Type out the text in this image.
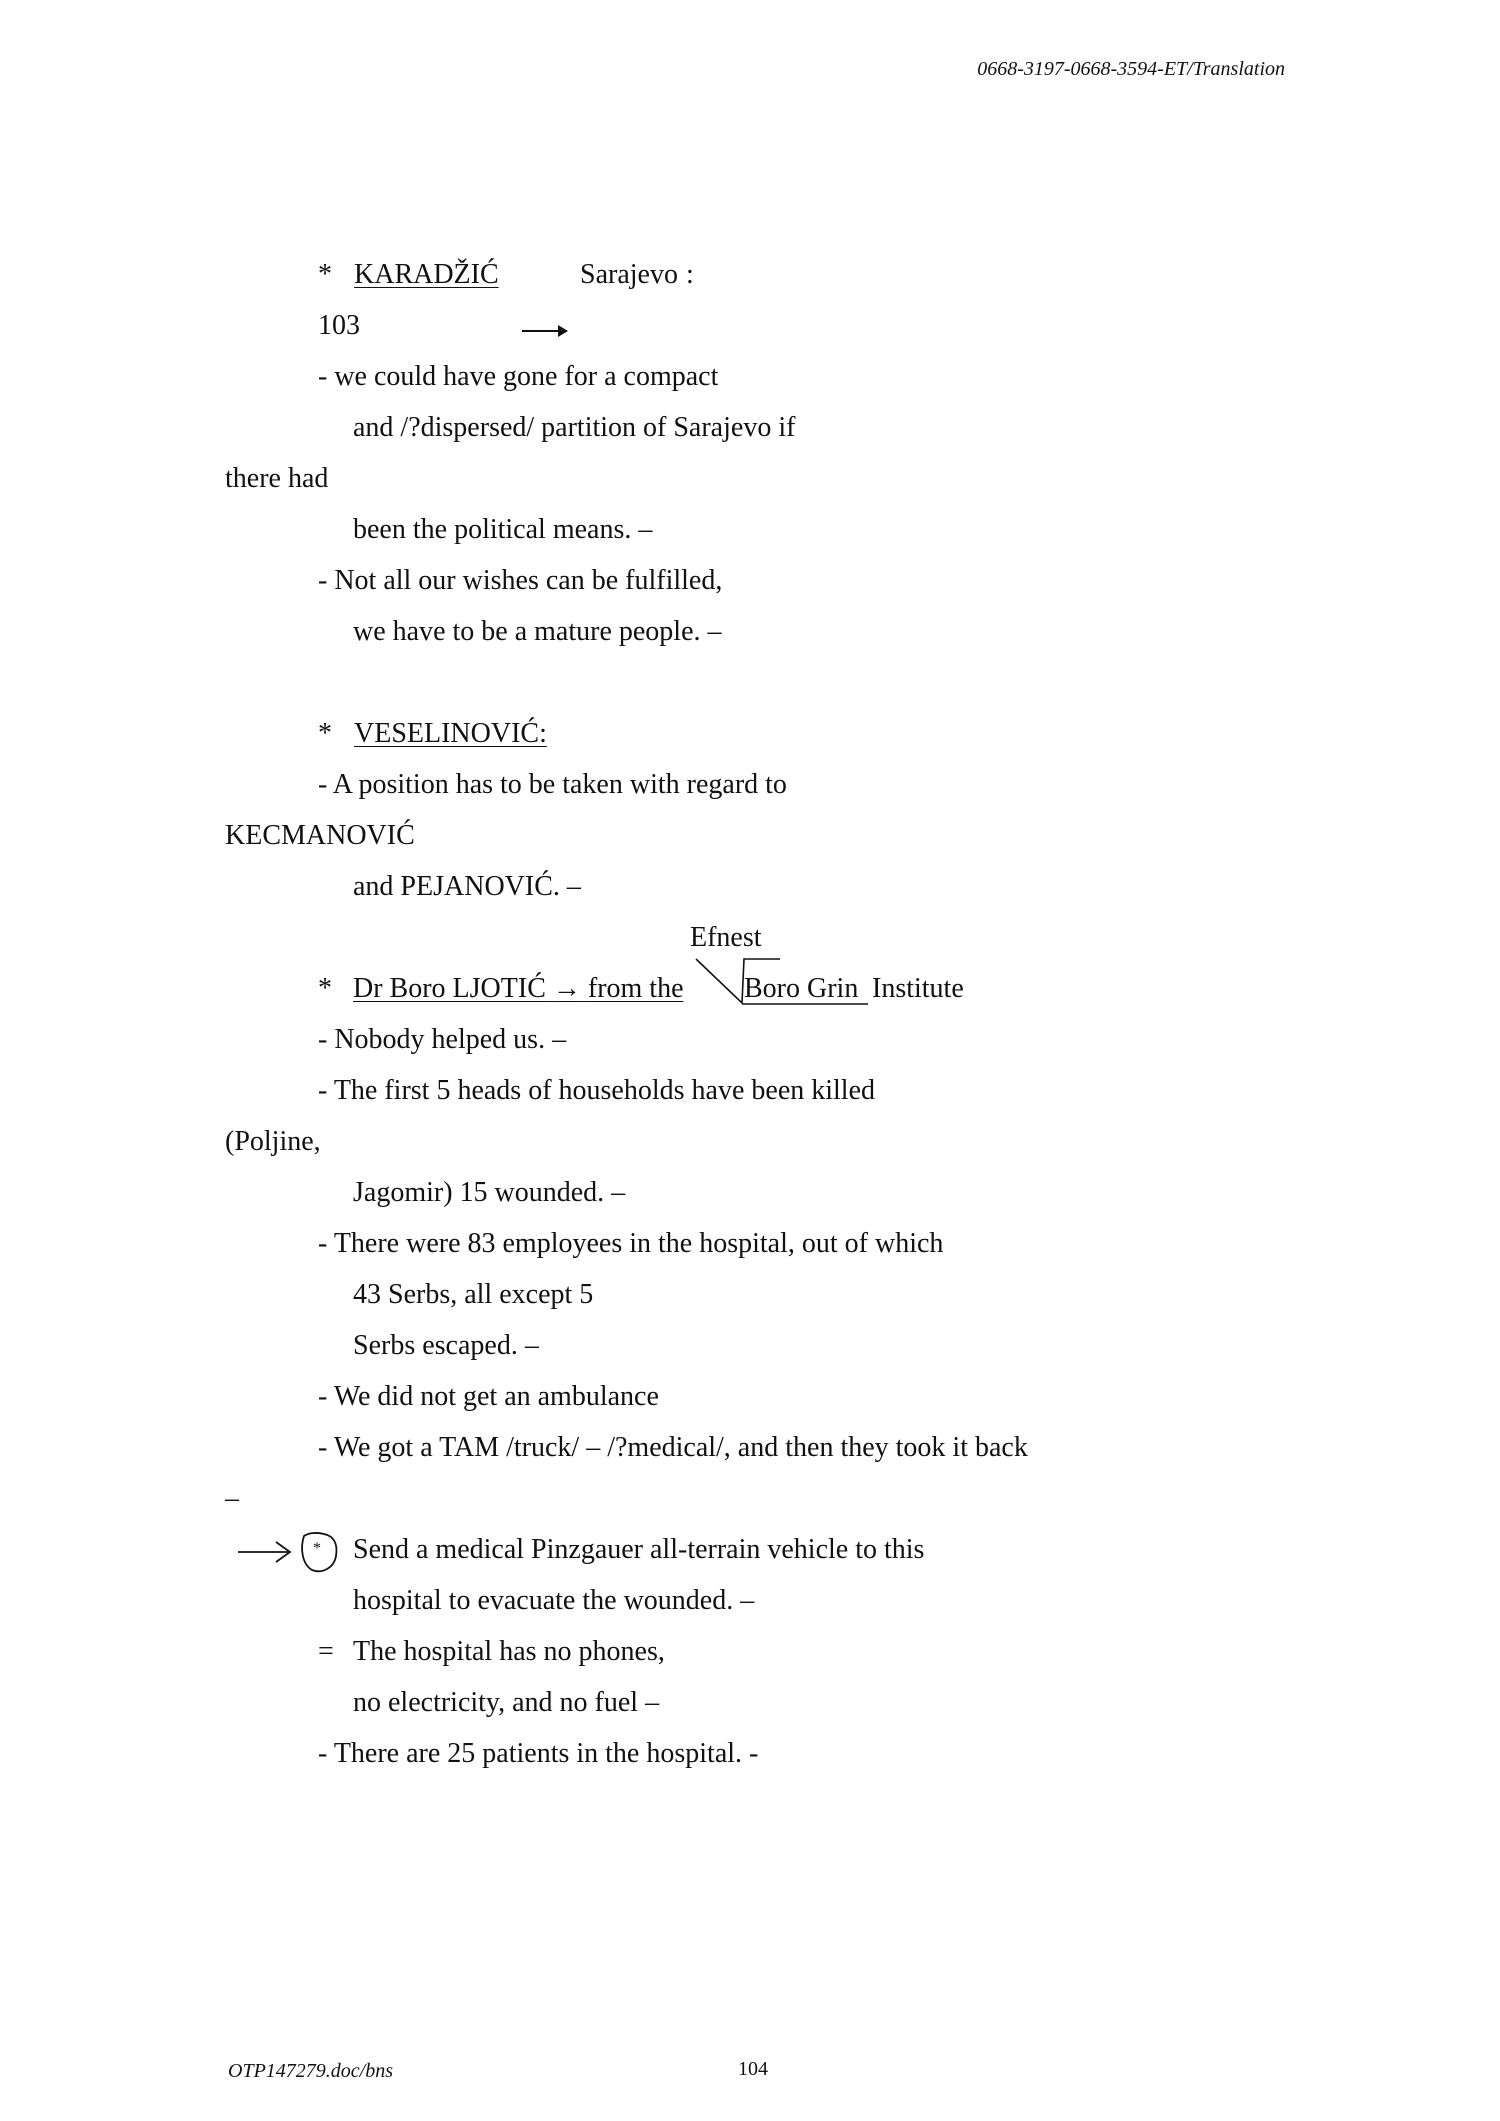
0668-3197-0668-3594-ET/Translation
* KARADŽIĆ	Sarajevo :
103
- we could have gone for a compact
and /?dispersed/ partition of Sarajevo if
there had
been the political means. –
- Not all our wishes can be fulfilled,
we have to be a mature people. –
* VESELINOVIĆ:
- A position has to be taken with regard to
KECMANOVIĆ
and PEJANOVIĆ. –
Efnest
* Dr Boro LJOTIĆ → from the Boro Grin Institute
- Nobody helped us. –
- The first 5 heads of households have been killed
(Poljine,
Jagomir) 15 wounded. –
- There were 83 employees in the hospital, out of which
43 Serbs, all except 5
Serbs escaped. –
- We did not get an ambulance
- We got a TAM /truck/ – /?medical/, and then they took it back
–
* Send a medical Pinzgauer all-terrain vehicle to this
hospital to evacuate the wounded. –
= The hospital has no phones,
no electricity, and no fuel –
- There are 25 patients in the hospital. -
OTP147279.doc/bns	104
